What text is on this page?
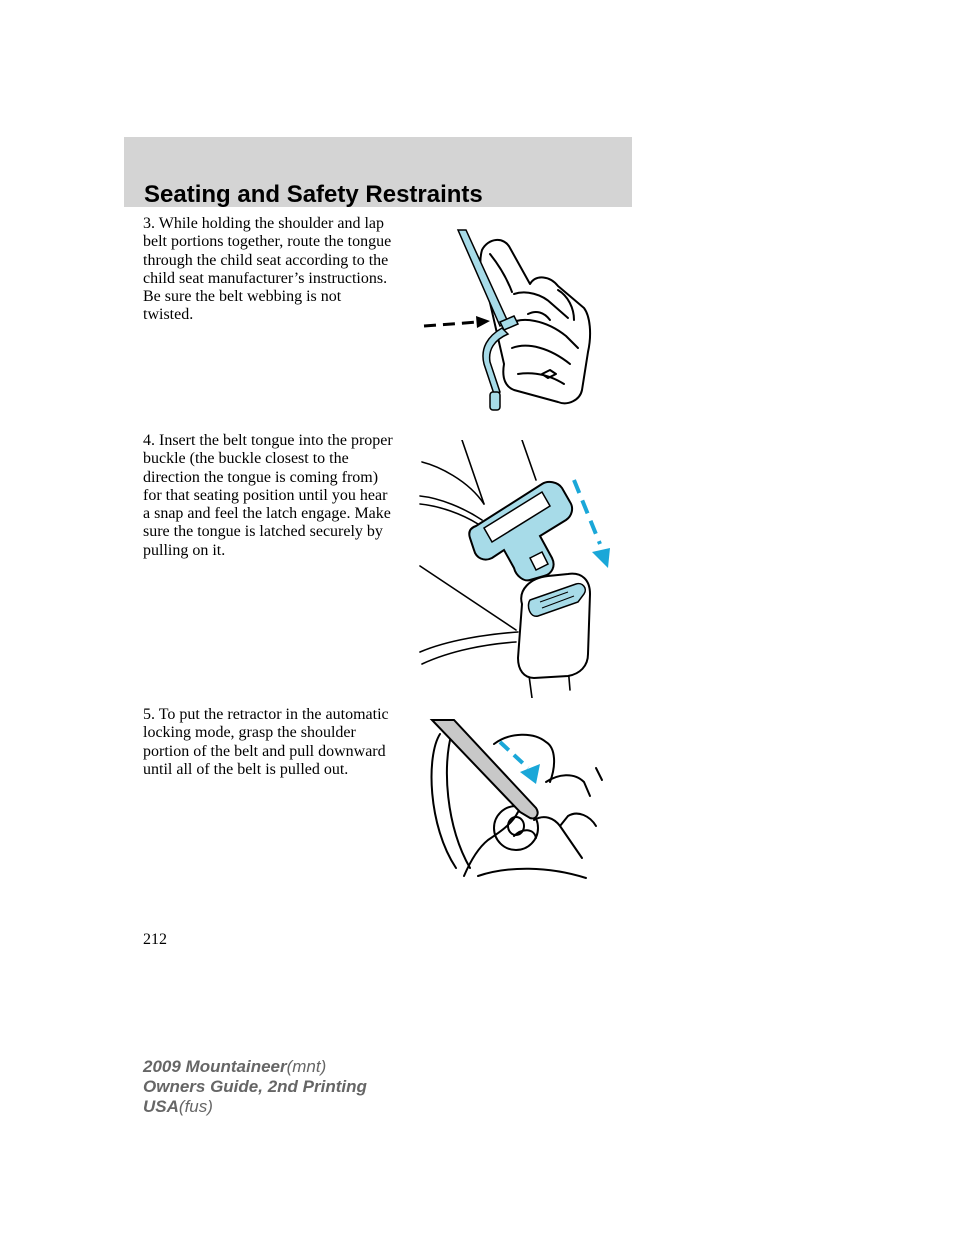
Seating and Safety Restraints

3. While holding the shoulder and lap belt portions together, route the tongue through the child seat according to the child seat manufacturer’s instructions. Be sure the belt webbing is not twisted.

4. Insert the belt tongue into the proper buckle (the buckle closest to the direction the tongue is coming from) for that seating position until you hear a snap and feel the latch engage. Make sure the tongue is latched securely by pulling on it.

5. To put the retractor in the automatic locking mode, grasp the shoulder portion of the belt and pull downward until all of the belt is pulled out.

212

2009 Mountaineer(mnt)
Owners Guide, 2nd Printing
USA(fus)
